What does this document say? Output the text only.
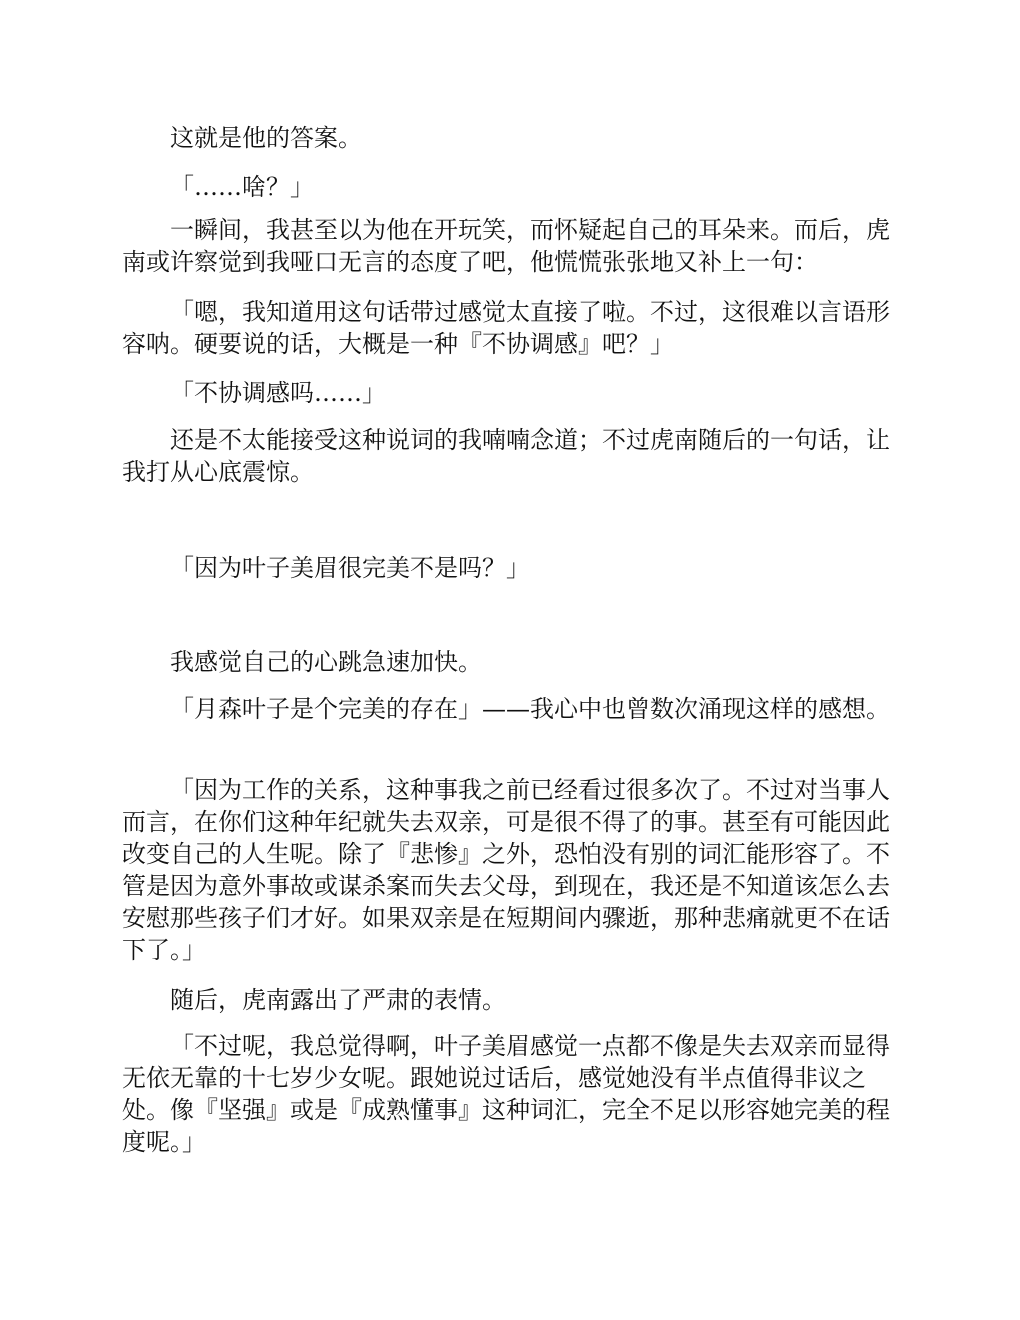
这就是他的答案。

「……啥？」

一瞬间，我甚至以为他在开玩笑，而怀疑起自己的耳朵来。而后，虎南或许察觉到我哑口无言的态度了吧，他慌慌张张地又补上一句：

「嗯，我知道用这句话带过感觉太直接了啦。不过，这很难以言语形容呐。硬要说的话，大概是一种『不协调感』吧？」

「不协调感吗……」

还是不太能接受这种说词的我喃喃念道；不过虎南随后的一句话，让我打从心底震惊。

「因为叶子美眉很完美不是吗？」

我感觉自己的心跳急速加快。

「月森叶子是个完美的存在」——我心中也曾数次涌现这样的感想。

「因为工作的关系，这种事我之前已经看过很多次了。不过对当事人而言，在你们这种年纪就失去双亲，可是很不得了的事。甚至有可能因此改变自己的人生呢。除了『悲惨』之外，恐怕没有别的词汇能形容了。不管是因为意外事故或谋杀案而失去父母，到现在，我还是不知道该怎么去安慰那些孩子们才好。如果双亲是在短期间内骤逝，那种悲痛就更不在话下了。」

随后，虎南露出了严肃的表情。

「不过呢，我总觉得啊，叶子美眉感觉一点都不像是失去双亲而显得无依无靠的十七岁少女呢。跟她说过话后，感觉她没有半点值得非议之处。像『坚强』或是『成熟懂事』这种词汇，完全不足以形容她完美的程度呢。」
